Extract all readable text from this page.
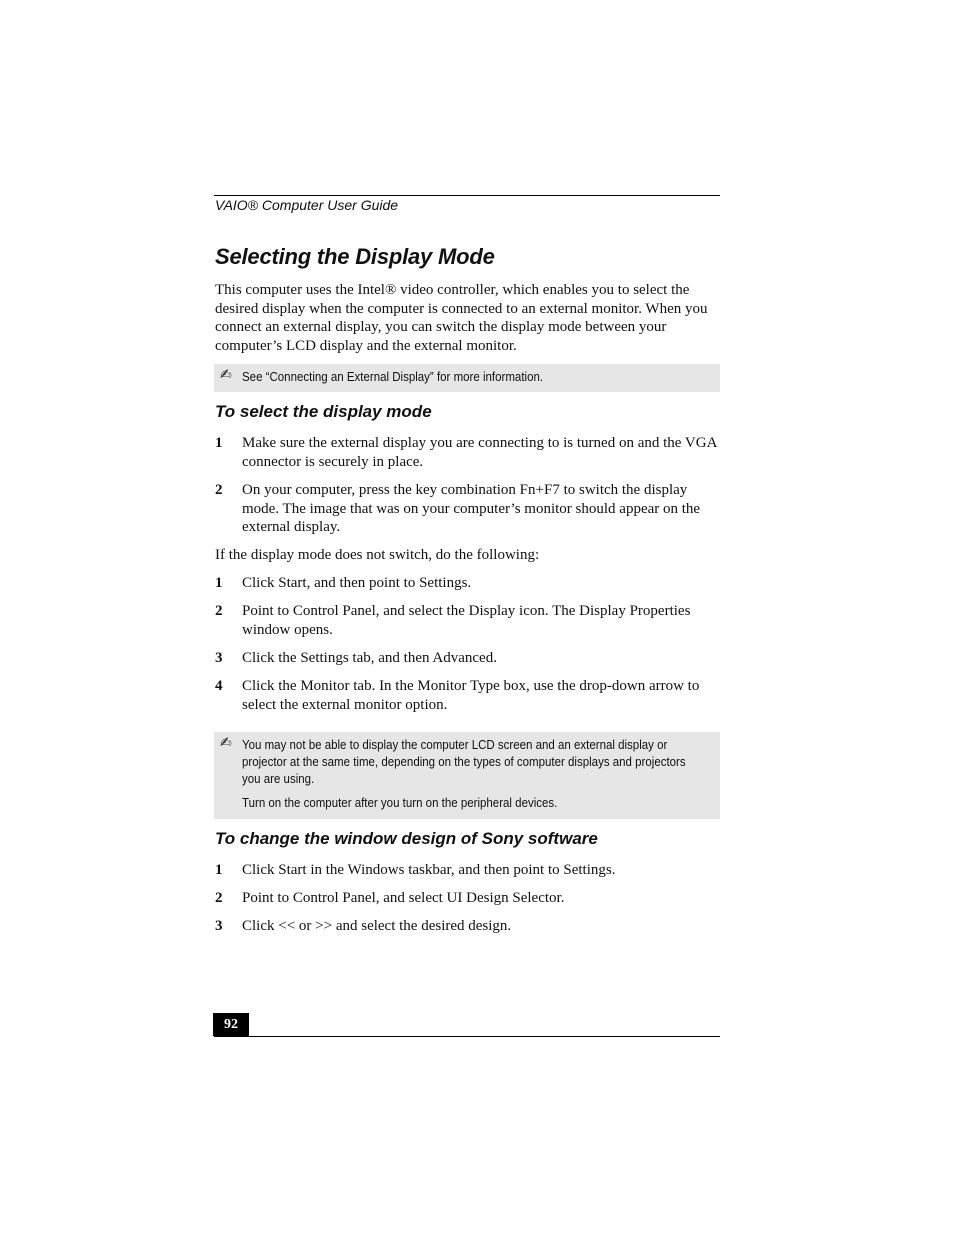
VAIO® Computer User Guide
Selecting the Display Mode

This computer uses the Intel® video controller, which enables you to select the desired display when the computer is connected to an external monitor. When you connect an external display, you can switch the display mode between your computer’s LCD display and the external monitor.

✍ See “Connecting an External Display” for more information.

To select the display mode
1 Make sure the external display you are connecting to is turned on and the VGA connector is securely in place.
2 On your computer, press the key combination Fn+F7 to switch the display mode. The image that was on your computer’s monitor should appear on the external display.

If the display mode does not switch, do the following:

1 Click Start, and then point to Settings.
2 Point to Control Panel, and select the Display icon. The Display Properties window opens.
3 Click the Settings tab, and then Advanced.
4 Click the Monitor tab. In the Monitor Type box, use the drop-down arrow to select the external monitor option.
✍ You may not be able to display the computer LCD screen and an external display or projector at the same time, depending on the types of computer displays and projectors you are using.

Turn on the computer after you turn on the peripheral devices.

To change the window design of Sony software
1 Click Start in the Windows taskbar, and then point to Settings.
2 Point to Control Panel, and select UI Design Selector.
3 Click << or >> and select the desired design.
92
